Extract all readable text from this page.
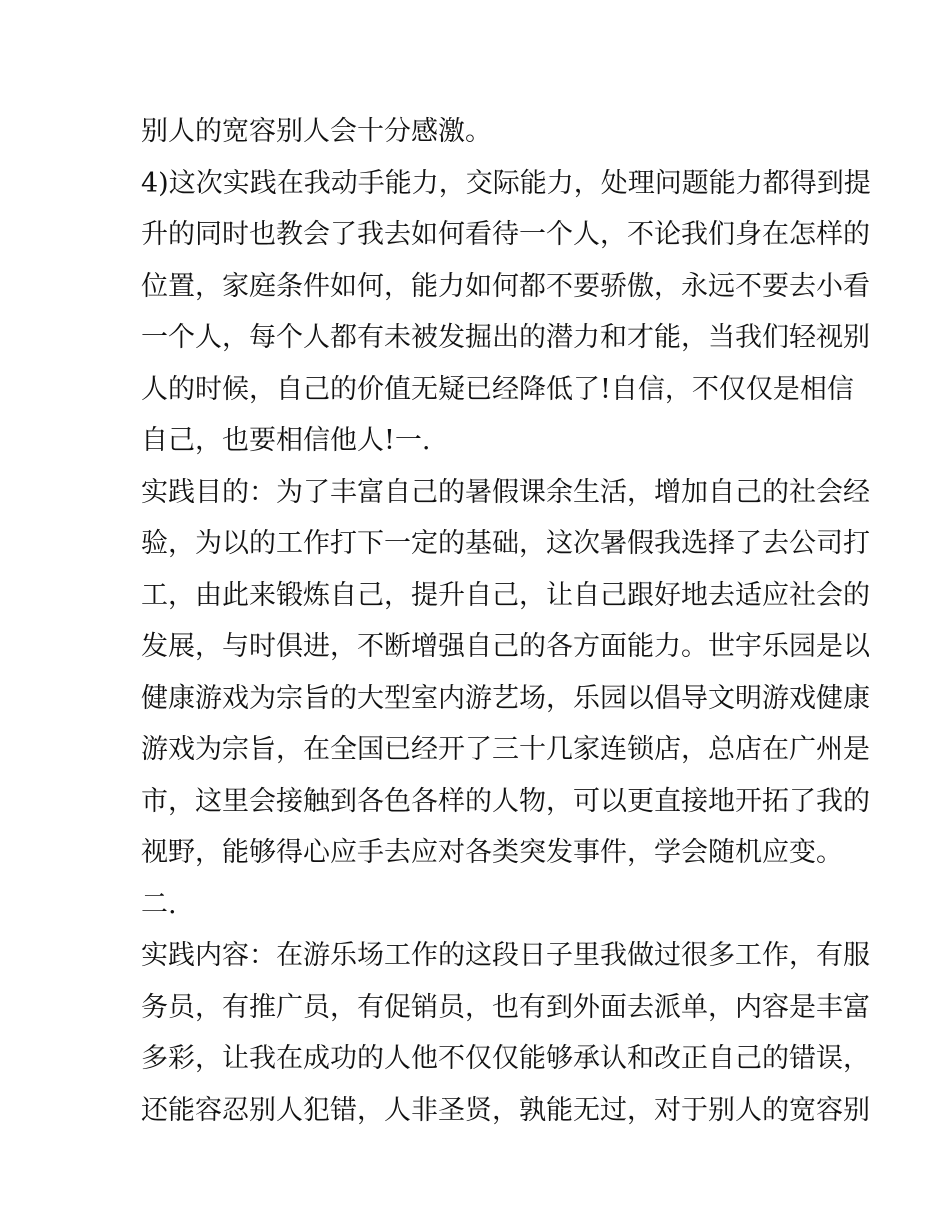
别人的宽容别人会十分感激。
4)这次实践在我动手能力，交际能力，处理问题能力都得到提
升的同时也教会了我去如何看待一个人，不论我们身在怎样的
位置，家庭条件如何，能力如何都不要骄傲，永远不要去小看
一个人，每个人都有未被发掘出的潜力和才能，当我们轻视别
人的时候，自己的价值无疑已经降低了!自信，不仅仅是相信
自己，也要相信他人!一.
实践目的：为了丰富自己的暑假课余生活，增加自己的社会经
验，为以的工作打下一定的基础，这次暑假我选择了去公司打
工，由此来锻炼自己，提升自己，让自己跟好地去适应社会的
发展，与时俱进，不断增强自己的各方面能力。世宇乐园是以
健康游戏为宗旨的大型室内游艺场，乐园以倡导文明游戏健康
游戏为宗旨，在全国已经开了三十几家连锁店，总店在广州是
市，这里会接触到各色各样的人物，可以更直接地开拓了我的
视野，能够得心应手去应对各类突发事件，学会随机应变。
二.
实践内容：在游乐场工作的这段日子里我做过很多工作，有服
务员，有推广员，有促销员，也有到外面去派单，内容是丰富
多彩，让我在成功的人他不仅仅能够承认和改正自己的错误，
还能容忍别人犯错，人非圣贤，孰能无过，对于别人的宽容别
